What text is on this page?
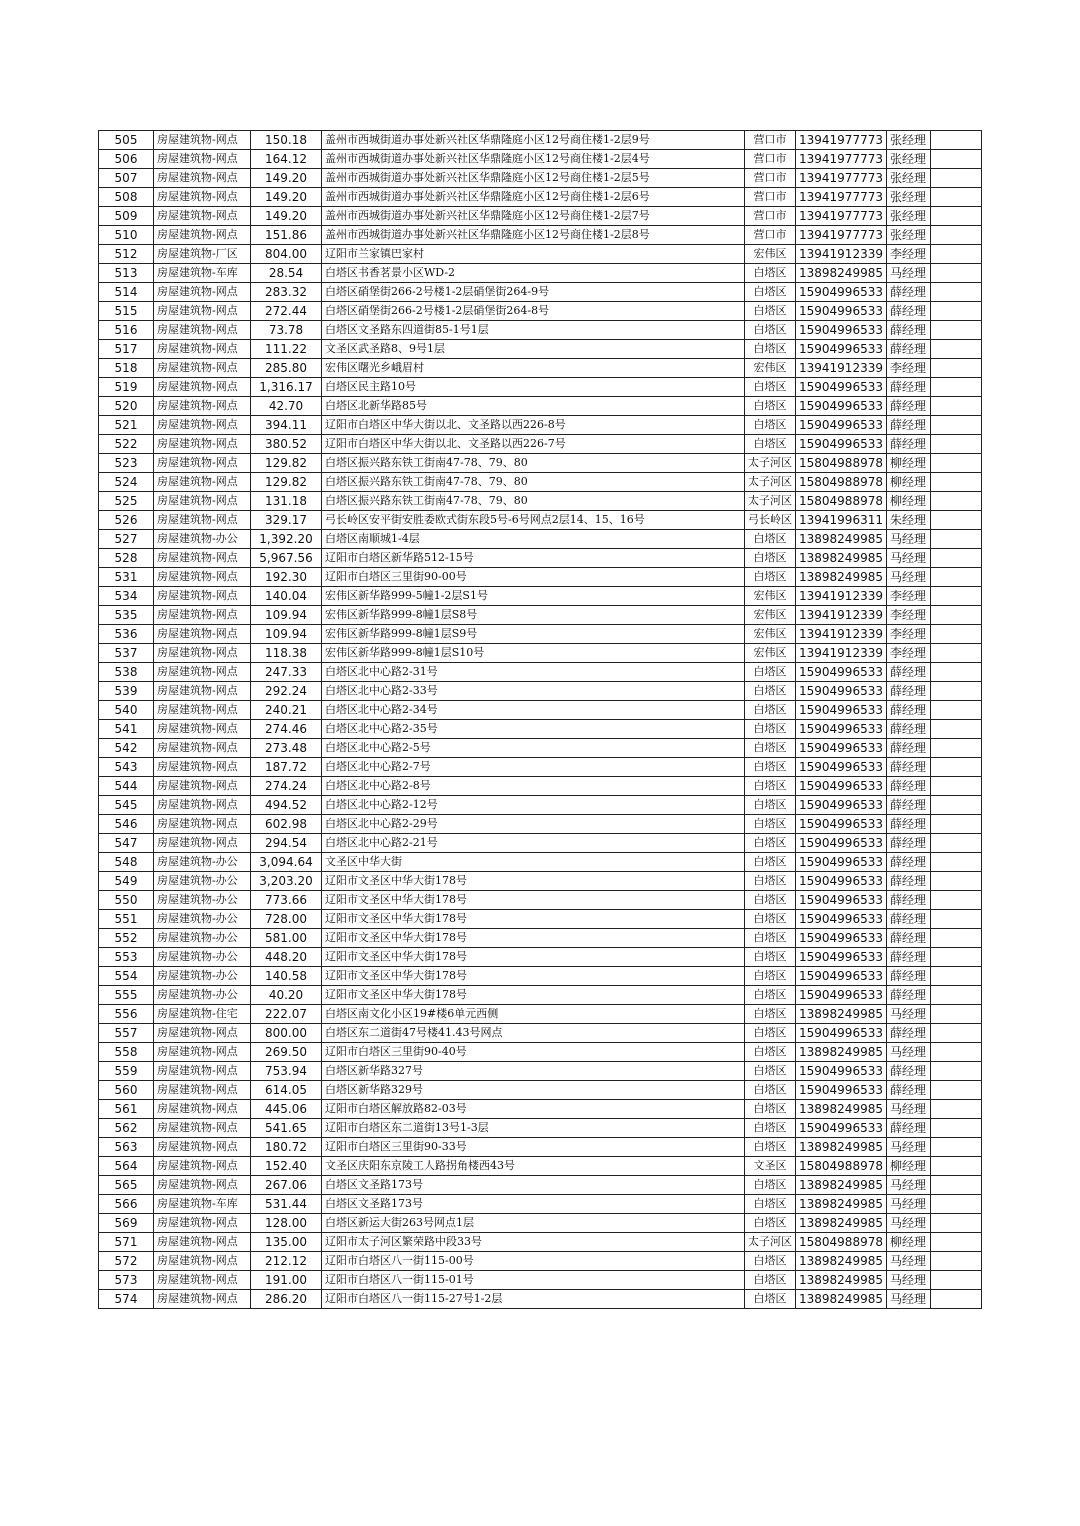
505	房屋建筑物-网点	150.18	盖州市西城街道办事处新兴社区华鼎隆庭小区12号商住楼1-2层9号	营口市	13941977773	张经理	
506	房屋建筑物-网点	164.12	盖州市西城街道办事处新兴社区华鼎隆庭小区12号商住楼1-2层4号	营口市	13941977773	张经理	
507	房屋建筑物-网点	149.20	盖州市西城街道办事处新兴社区华鼎隆庭小区12号商住楼1-2层5号	营口市	13941977773	张经理	
508	房屋建筑物-网点	149.20	盖州市西城街道办事处新兴社区华鼎隆庭小区12号商住楼1-2层6号	营口市	13941977773	张经理	
509	房屋建筑物-网点	149.20	盖州市西城街道办事处新兴社区华鼎隆庭小区12号商住楼1-2层7号	营口市	13941977773	张经理	
510	房屋建筑物-网点	151.86	盖州市西城街道办事处新兴社区华鼎隆庭小区12号商住楼1-2层8号	营口市	13941977773	张经理	
512	房屋建筑物-厂区	804.00	辽阳市兰家镇巴家村	宏伟区	13941912339	李经理	
513	房屋建筑物-车库	28.54	白塔区书香茗景小区WD-2	白塔区	13898249985	马经理	
514	房屋建筑物-网点	283.32	白塔区硝堡街266-2号楼1-2层硝堡街264-9号	白塔区	15904996533	薛经理	
515	房屋建筑物-网点	272.44	白塔区硝堡街266-2号楼1-2层硝堡街264-8号	白塔区	15904996533	薛经理	
516	房屋建筑物-网点	73.78	白塔区文圣路东四道街85-1号1层	白塔区	15904996533	薛经理	
517	房屋建筑物-网点	111.22	文圣区武圣路8、9号1层	白塔区	15904996533	薛经理	
518	房屋建筑物-网点	285.80	宏伟区曙光乡峨眉村	宏伟区	13941912339	李经理	
519	房屋建筑物-网点	1,316.17	白塔区民主路10号	白塔区	15904996533	薛经理	
520	房屋建筑物-网点	42.70	白塔区北新华路85号	白塔区	15904996533	薛经理	
521	房屋建筑物-网点	394.11	辽阳市白塔区中华大街以北、文圣路以西226-8号	白塔区	15904996533	薛经理	
522	房屋建筑物-网点	380.52	辽阳市白塔区中华大街以北、文圣路以西226-7号	白塔区	15904996533	薛经理	
523	房屋建筑物-网点	129.82	白塔区振兴路东铁工街南47-78、79、80	太子河区	15804988978	柳经理	
524	房屋建筑物-网点	129.82	白塔区振兴路东铁工街南47-78、79、80	太子河区	15804988978	柳经理	
525	房屋建筑物-网点	131.18	白塔区振兴路东铁工街南47-78、79、80	太子河区	15804988978	柳经理	
526	房屋建筑物-网点	329.17	弓长岭区安平街安胜委欧式街东段5号-6号网点2层14、15、16号	弓长岭区	13941996311	朱经理	
527	房屋建筑物-办公	1,392.20	白塔区南顺城1-4层	白塔区	13898249985	马经理	
528	房屋建筑物-网点	5,967.56	辽阳市白塔区新华路512-15号	白塔区	13898249985	马经理	
531	房屋建筑物-网点	192.30	辽阳市白塔区三里街90-00号	白塔区	13898249985	马经理	
534	房屋建筑物-网点	140.04	宏伟区新华路999-5幢1-2层S1号	宏伟区	13941912339	李经理	
535	房屋建筑物-网点	109.94	宏伟区新华路999-8幢1层S8号	宏伟区	13941912339	李经理	
536	房屋建筑物-网点	109.94	宏伟区新华路999-8幢1层S9号	宏伟区	13941912339	李经理	
537	房屋建筑物-网点	118.38	宏伟区新华路999-8幢1层S10号	宏伟区	13941912339	李经理	
538	房屋建筑物-网点	247.33	白塔区北中心路2-31号	白塔区	15904996533	薛经理	
539	房屋建筑物-网点	292.24	白塔区北中心路2-33号	白塔区	15904996533	薛经理	
540	房屋建筑物-网点	240.21	白塔区北中心路2-34号	白塔区	15904996533	薛经理	
541	房屋建筑物-网点	274.46	白塔区北中心路2-35号	白塔区	15904996533	薛经理	
542	房屋建筑物-网点	273.48	白塔区北中心路2-5号	白塔区	15904996533	薛经理	
543	房屋建筑物-网点	187.72	白塔区北中心路2-7号	白塔区	15904996533	薛经理	
544	房屋建筑物-网点	274.24	白塔区北中心路2-8号	白塔区	15904996533	薛经理	
545	房屋建筑物-网点	494.52	白塔区北中心路2-12号	白塔区	15904996533	薛经理	
546	房屋建筑物-网点	602.98	白塔区北中心路2-29号	白塔区	15904996533	薛经理	
547	房屋建筑物-网点	294.54	白塔区北中心路2-21号	白塔区	15904996533	薛经理	
548	房屋建筑物-办公	3,094.64	文圣区中华大街	白塔区	15904996533	薛经理	
549	房屋建筑物-办公	3,203.20	辽阳市文圣区中华大街178号	白塔区	15904996533	薛经理	
550	房屋建筑物-办公	773.66	辽阳市文圣区中华大街178号	白塔区	15904996533	薛经理	
551	房屋建筑物-办公	728.00	辽阳市文圣区中华大街178号	白塔区	15904996533	薛经理	
552	房屋建筑物-办公	581.00	辽阳市文圣区中华大街178号	白塔区	15904996533	薛经理	
553	房屋建筑物-办公	448.20	辽阳市文圣区中华大街178号	白塔区	15904996533	薛经理	
554	房屋建筑物-办公	140.58	辽阳市文圣区中华大街178号	白塔区	15904996533	薛经理	
555	房屋建筑物-办公	40.20	辽阳市文圣区中华大街178号	白塔区	15904996533	薛经理	
556	房屋建筑物-住宅	222.07	白塔区南文化小区19#楼6单元西侧	白塔区	13898249985	马经理	
557	房屋建筑物-网点	800.00	白塔区东二道街47号楼41.43号网点	白塔区	15904996533	薛经理	
558	房屋建筑物-网点	269.50	辽阳市白塔区三里街90-40号	白塔区	13898249985	马经理	
559	房屋建筑物-网点	753.94	白塔区新华路327号	白塔区	15904996533	薛经理	
560	房屋建筑物-网点	614.05	白塔区新华路329号	白塔区	15904996533	薛经理	
561	房屋建筑物-网点	445.06	辽阳市白塔区解放路82-03号	白塔区	13898249985	马经理	
562	房屋建筑物-网点	541.65	辽阳市白塔区东二道街13号1-3层	白塔区	15904996533	薛经理	
563	房屋建筑物-网点	180.72	辽阳市白塔区三里街90-33号	白塔区	13898249985	马经理	
564	房屋建筑物-网点	152.40	文圣区庆阳东京陵工人路拐角楼西43号	文圣区	15804988978	柳经理	
565	房屋建筑物-网点	267.06	白塔区文圣路173号	白塔区	13898249985	马经理	
566	房屋建筑物-车库	531.44	白塔区文圣路173号	白塔区	13898249985	马经理	
569	房屋建筑物-网点	128.00	白塔区新运大街263号网点1层	白塔区	13898249985	马经理	
571	房屋建筑物-网点	135.00	辽阳市太子河区繁荣路中段33号	太子河区	15804988978	柳经理	
572	房屋建筑物-网点	212.12	辽阳市白塔区八一街115-00号	白塔区	13898249985	马经理	
573	房屋建筑物-网点	191.00	辽阳市白塔区八一街115-01号	白塔区	13898249985	马经理	
574	房屋建筑物-网点	286.20	辽阳市白塔区八一街115-27号1-2层	白塔区	13898249985	马经理	
